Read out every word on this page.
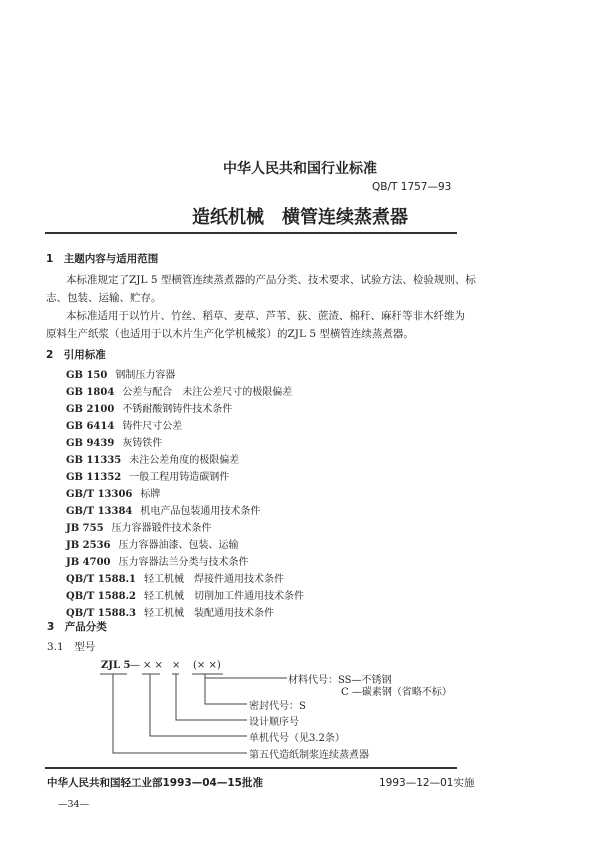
中华人民共和国行业标准
QB/T 1757—93
造纸机械　横管连续蒸煮器
1　主题内容与适用范围
本标准规定了ZJL 5 型横管连续蒸煮器的产品分类、技术要求、试验方法、检验规则、标
志、包装、运输、贮存。
本标准适用于以竹片、竹丝、稻草、麦草、芦苇、荻、蔗渣、棉秆、麻秆等非木纤维为
原料生产纸浆（也适用于以木片生产化学机械浆）的ZJL 5 型横管连续蒸煮器。
2　引用标准
GB 150 钢制压力容器
GB 1804 公差与配合　未注公差尺寸的极限偏差
GB 2100 不锈耐酸钢铸件技术条件
GB 6414 铸件尺寸公差
GB 9439 灰铸铁件
GB 11335 未注公差角度的极限偏差
GB 11352 一般工程用铸造碳钢件
GB/T 13306 标牌
GB/T 13384 机电产品包装通用技术条件
JB 755 压力容器锻件技术条件
JB 2536 压力容器油漆、包装、运输
JB 4700 压力容器法兰分类与技术条件
QB/T 1588.1 轻工机械　焊接件通用技术条件
QB/T 1588.2 轻工机械　切削加工件通用技术条件
QB/T 1588.3 轻工机械　装配通用技术条件
3　产品分类
3.1　型号
ZJL 5 — × × × (× ×)
材料代号：SS—不锈钢
C —碳素钢（省略不标）
密封代号：S
设计顺序号
单机代号（见3.2条）
第五代造纸制浆连续蒸煮器
中华人民共和国轻工业部1993—04—15批准	1993—12—01实施
—34—
